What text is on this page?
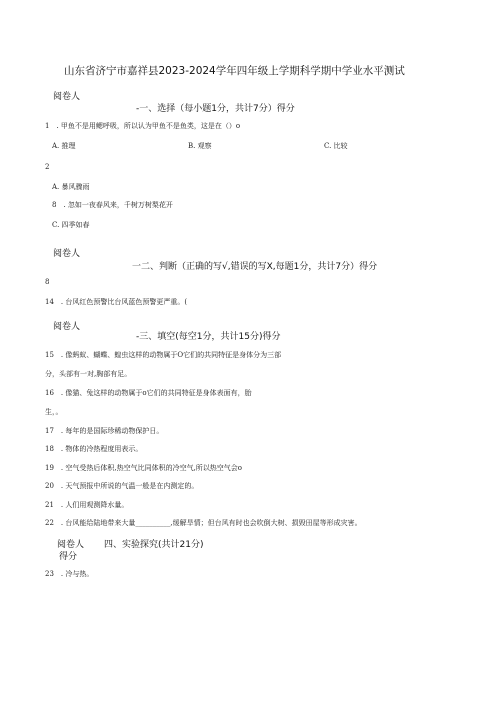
山东省济宁市嘉祥县2023-2024学年四年级上学期科学期中学业水平测试
阅卷人
-一、选择（每小题1分，共计7分）得分
1　. 甲鱼不是用鳃呼吸，所以认为甲鱼不是鱼类，这是在（）o
A. 推理	B. 观察	C. 比较
2
A. 暴风骤雨
8　. 忽如一夜春风来，千树万树梨花开
C. 四季如春
阅卷人
一二、判断（正确的写√,错误的写X,每题1分，共计7分）得分
8
14　. 台风红色预警比台风蓝色预警更严重。(
阅卷人
-三、填空(每空1分，共计15分)得分
15　. 像蚂蚁、蝴蝶、蝗虫这样的动物属于O它们的共同特征是身体分为三部
分，头部有一对,胸部有足。
16　. 像猫、兔这样的动物属于o它们的共同特征是身体表面有，胎
生，。
17　. 每年的是国际珍稀动物保护日。
18　. 物体的冷热程度用表示。
19　. 空气受热后体积,热空气比同体积的冷空气,所以热空气会o
20　. 天气预报中所说的气温一般是在内测定的。
21　. 人们用观测降水量。
22　. 台风能给陆地带来大量__________,缓解旱情；但台风有时也会吹倒大树、损毁田屋等形成灾害。
阅卷人 四、实验探究(共计21分)
得分
23　. 冷与热。
